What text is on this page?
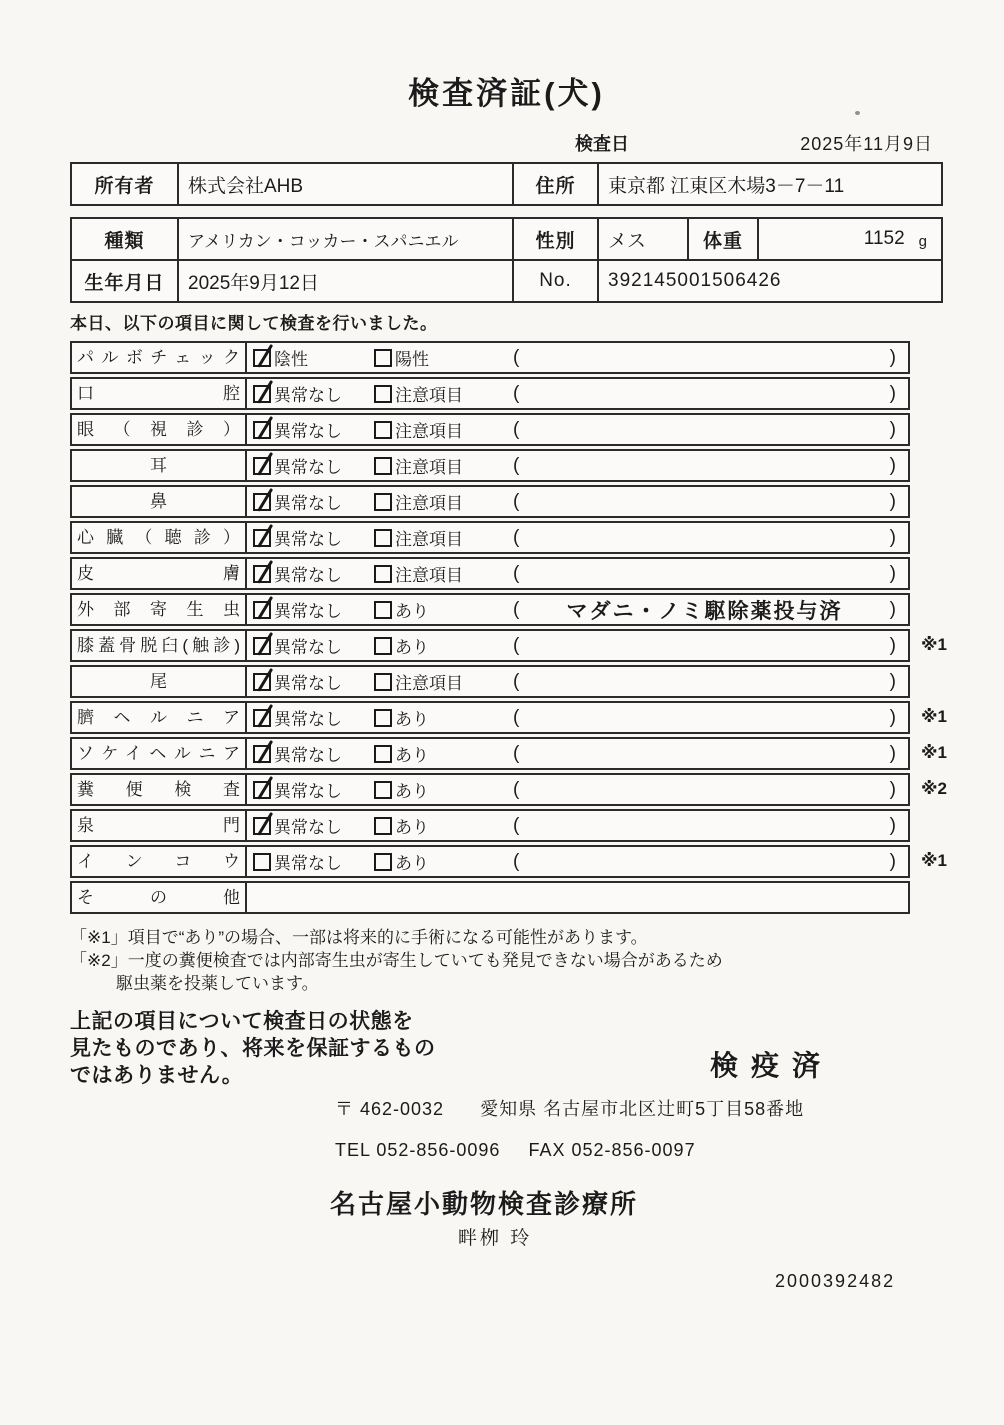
検査済証(犬)
検査日	2025年11月9日
所有者	株式会社AHB	住所	東京都 江東区木場3－7－11
種類	アメリカン・コッカー・スパニエル	性別	メス	体重	1152 g
生年月日	2025年9月12日	No.	392145001506426
本日、以下の項目に関して検査を行いました。
パルボチェック	陰性	陽性	(	)
口腔	異常なし	注意項目	(	)
眼（視診）	異常なし	注意項目	(	)
耳	異常なし	注意項目	(	)
鼻	異常なし	注意項目	(	)
心臓（聴診）	異常なし	注意項目	(	)
皮膚	異常なし	注意項目	(	)
外部寄生虫	異常なし	あり	(	マダニ・ノミ駆除薬投与済	)
膝蓋骨脱臼(触診)	異常なし	あり	(	) ※1
尾	異常なし	注意項目	(	)
臍ヘルニア	異常なし	あり	(	) ※1
ソケイヘルニア	異常なし	あり	(	) ※1
糞便検査	異常なし	あり	(	) ※2
泉門	異常なし	あり	(	)
インコウ	異常なし	あり	(	) ※1
その他
「※1」項目で“あり”の場合、一部は将来的に手術になる可能性があります。
「※2」一度の糞便検査では内部寄生虫が寄生していても発見できない場合があるため
駆虫薬を投薬しています。
上記の項目について検査日の状態を
見たものであり、将来を保証するもの
ではありません。	検疫済
〒 462-0032 愛知県 名古屋市北区辻町5丁目58番地
TEL 052-856-0096 FAX 052-856-0097
名古屋小動物検査診療所
畔栁 玲
2000392482
